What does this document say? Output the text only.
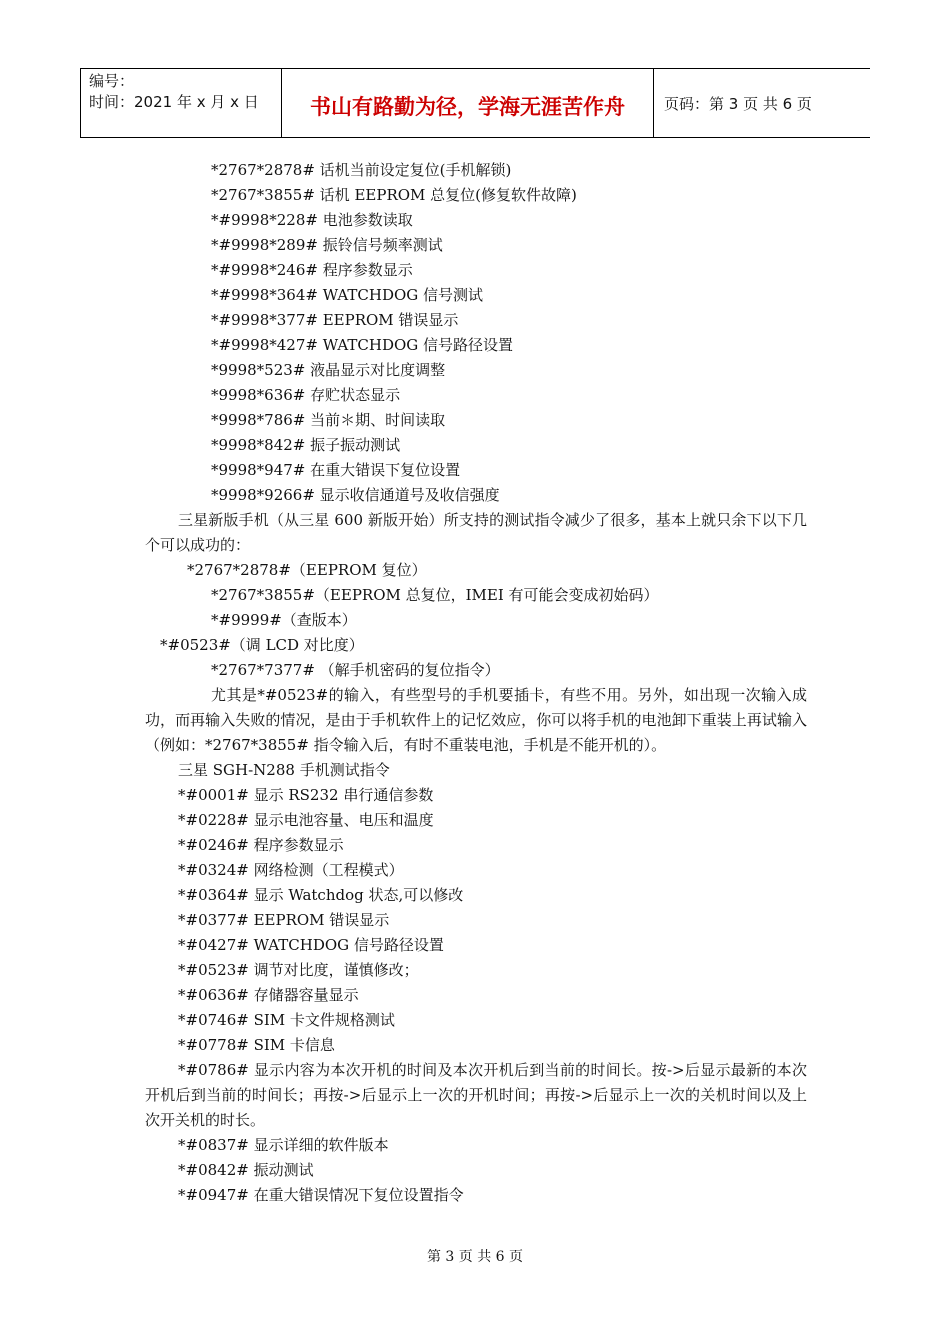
编号：
时间：2021 年 x 月 x 日	书山有路勤为径，学海无涯苦作舟	页码：第 3 页 共 6 页
*2767*2878# 话机当前设定复位(手机解锁)
*2767*3855# 话机 EEPROM 总复位(修复软件故障)
*#9998*228# 电池参数读取
*#9998*289# 振铃信号频率测试
*#9998*246# 程序参数显示
*#9998*364# WATCHDOG 信号测试
*#9998*377# EEPROM 错误显示
*#9998*427# WATCHDOG 信号路径设置
*9998*523# 液晶显示对比度调整
*9998*636# 存贮状态显示
*9998*786# 当前＊期、时间读取
*9998*842# 振子振动测试
*9998*947# 在重大错误下复位设置
*9998*9266# 显示收信通道号及收信强度
三星新版手机（从三星 600 新版开始）所支持的测试指令减少了很多，基本上就只余下以下几个可以成功的：
*2767*2878#（EEPROM 复位）
*2767*3855#（EEPROM 总复位，IMEI 有可能会变成初始码）
*#9999#（查版本）
*#0523#（调 LCD 对比度）
*2767*7377# （解手机密码的复位指令）
尤其是*#0523#的输入，有些型号的手机要插卡，有些不用。另外，如出现一次输入成功，而再输入失败的情况，是由于手机软件上的记忆效应，你可以将手机的电池卸下重装上再试输入（例如：*2767*3855# 指令输入后，有时不重装电池，手机是不能开机的）。
三星 SGH-N288 手机测试指令
*#0001# 显示 RS232 串行通信参数
*#0228# 显示电池容量、电压和温度
*#0246# 程序参数显示
*#0324# 网络检测（工程模式）
*#0364# 显示 Watchdog 状态,可以修改
*#0377# EEPROM 错误显示
*#0427# WATCHDOG 信号路径设置
*#0523# 调节对比度，谨慎修改；
*#0636# 存储器容量显示
*#0746# SIM 卡文件规格测试
*#0778# SIM 卡信息
*#0786# 显示内容为本次开机的时间及本次开机后到当前的时间长。按->后显示最新的本次开机后到当前的时间长；再按->后显示上一次的开机时间；再按->后显示上一次的关机时间以及上次开关机的时长。
*#0837# 显示详细的软件版本
*#0842# 振动测试
*#0947# 在重大错误情况下复位设置指令
第 3 页 共 6 页
